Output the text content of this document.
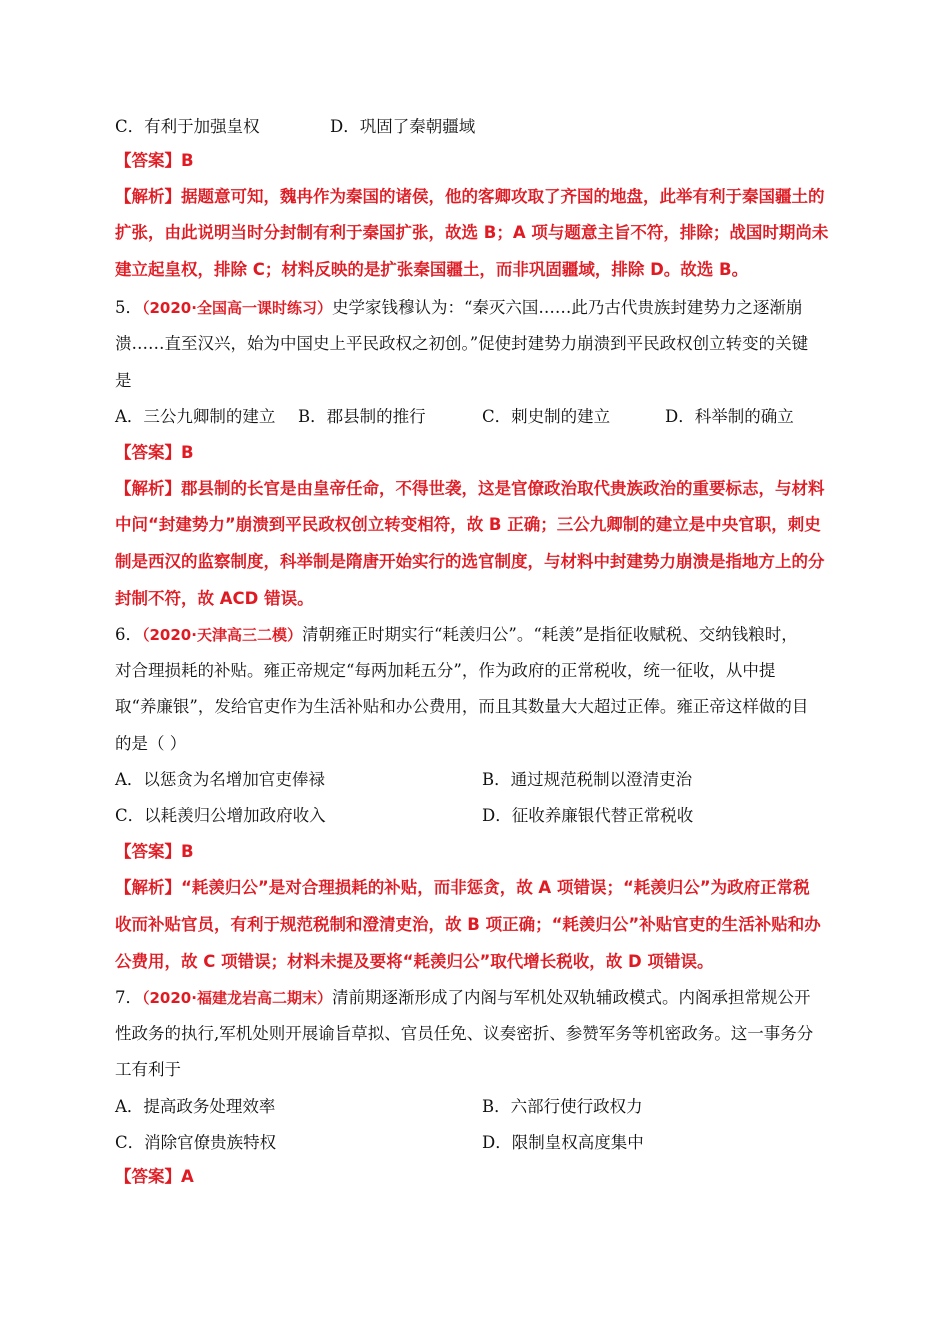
C．有利于加强皇权	D．巩固了秦朝疆域
【答案】B
【解析】据题意可知，魏冉作为秦国的诸侯，他的客卿攻取了齐国的地盘，此举有利于秦国疆土的
扩张，由此说明当时分封制有利于秦国扩张，故选 B；A 项与题意主旨不符，排除；战国时期尚未
建立起皇权，排除 C；材料反映的是扩张秦国疆土，而非巩固疆域，排除 D。故选 B。
5．（2020·全国高一课时练习）史学家钱穆认为：“秦灭六国……此乃古代贵族封建势力之逐渐崩
溃……直至汉兴，始为中国史上平民政权之初创。”促使封建势力崩溃到平民政权创立转变的关键
是
A．三公九卿制的建立 B．郡县制的推行	C．刺史制的建立	D．科举制的确立
【答案】B
【解析】郡县制的长官是由皇帝任命，不得世袭，这是官僚政治取代贵族政治的重要标志，与材料
中问“封建势力”崩溃到平民政权创立转变相符，故 B 正确；三公九卿制的建立是中央官职，刺史
制是西汉的监察制度，科举制是隋唐开始实行的选官制度，与材料中封建势力崩溃是指地方上的分
封制不符，故 ACD 错误。
6．（2020·天津高三二模）清朝雍正时期实行“耗羡归公”。“耗羡”是指征收赋税、交纳钱粮时，
对合理损耗的补贴。雍正帝规定“每两加耗五分”，作为政府的正常税收，统一征收，从中提
取“养廉银”，发给官吏作为生活补贴和办公费用，而且其数量大大超过正俸。雍正帝这样做的目
的是（ ）
A．以惩贪为名增加官吏俸禄	B．通过规范税制以澄清吏治
C．以耗羡归公增加政府收入	D．征收养廉银代替正常税收
【答案】B
【解析】“耗羡归公”是对合理损耗的补贴，而非惩贪，故 A 项错误；“耗羡归公”为政府正常税
收而补贴官员，有利于规范税制和澄清吏治，故 B 项正确；“耗羡归公”补贴官吏的生活补贴和办
公费用，故 C 项错误；材料未提及要将“耗羡归公”取代增长税收，故 D 项错误。
7．（2020·福建龙岩高二期末）清前期逐渐形成了内阁与军机处双轨辅政模式。内阁承担常规公开
性政务的执行,军机处则开展谕旨草拟、官员任免、议奏密折、参赞军务等机密政务。这一事务分
工有利于
A．提高政务处理效率	B．六部行使行政权力
C．消除官僚贵族特权	D．限制皇权高度集中
【答案】A
